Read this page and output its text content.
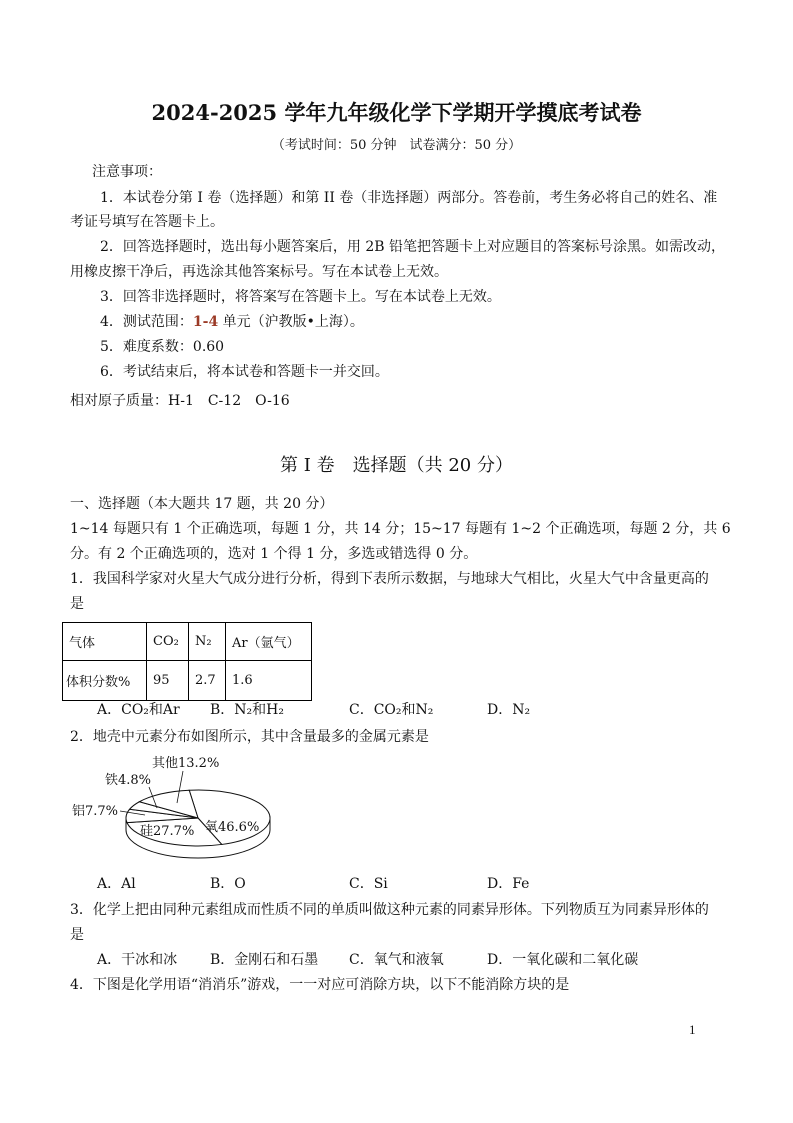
2024-2025 学年九年级化学下学期开学摸底考试卷
（考试时间：50 分钟　试卷满分：50 分）
注意事项：
1．本试卷分第 I 卷（选择题）和第 II 卷（非选择题）两部分。答卷前，考生务必将自己的姓名、准
考证号填写在答题卡上。
2．回答选择题时，选出每小题答案后，用 2B 铅笔把答题卡上对应题目的答案标号涂黑。如需改动，
用橡皮擦干净后，再选涂其他答案标号。写在本试卷上无效。
3．回答非选择题时，将答案写在答题卡上。写在本试卷上无效。
4．测试范围：1-4 单元（沪教版•上海）。
5．难度系数：0.60
6．考试结束后，将本试卷和答题卡一并交回。
相对原子质量：H-1　C-12　O-16
第 I 卷　选择题（共 20 分）
一、选择题（本大题共 17 题，共 20 分）
1~14 每题只有 1 个正确选项，每题 1 分，共 14 分；15~17 每题有 1~2 个正确选项，每题 2 分，共 6
分。有 2 个正确选项的，选对 1 个得 1 分，多选或错选得 0 分。
1．我国科学家对火星大气成分进行分析，得到下表所示数据，与地球大气相比，火星大气中含量更高的
是
气体	CO₂	N₂	Ar（氩气）
体积分数%	95	2.7	1.6
A．CO₂和Ar B．N₂和H₂	C．CO₂和N₂	D．N₂
2．地壳中元素分布如图所示，其中含量最多的金属元素是
氧46.6%
硅27.7%
铝7.7%
铁4.8%
其他13.2%
A．Al	B．O	C．Si	D．Fe
3．化学上把由同种元素组成而性质不同的单质叫做这种元素的同素异形体。下列物质互为同素异形体的
是
A．干冰和冰 B．金刚石和石墨 C．氧气和液氧	D．一氧化碳和二氧化碳
4．下图是化学用语“消消乐”游戏，一一对应可消除方块，以下不能消除方块的是
1
